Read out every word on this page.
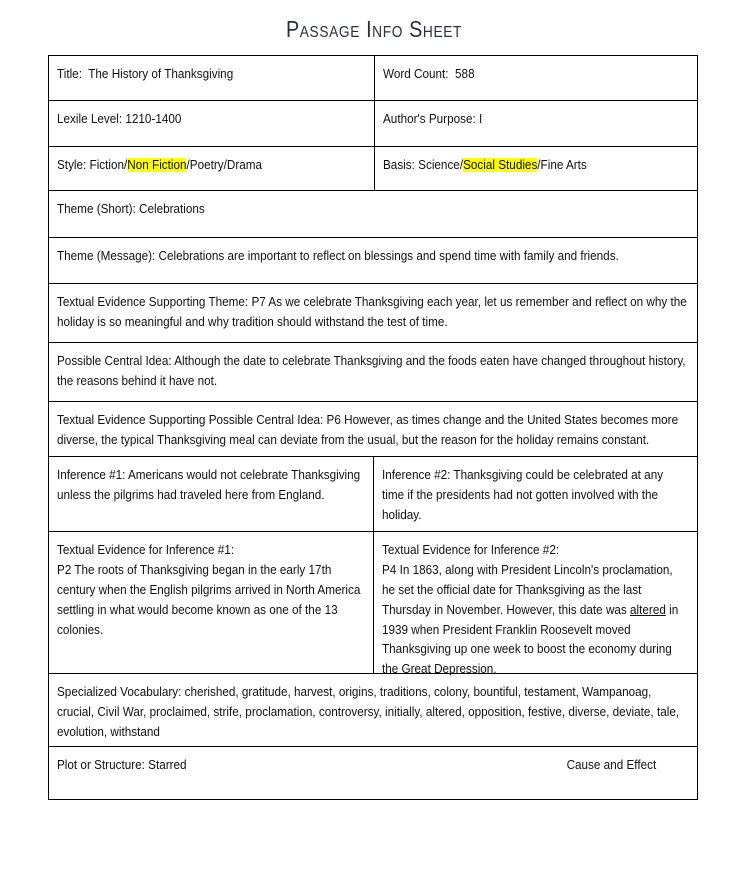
Passage Info Sheet
Title: The History of Thanksgiving	Word Count: 588
Lexile Level: 1210-1400	Author's Purpose: I
Style: Fiction/Non Fiction/Poetry/Drama	Basis: Science/Social Studies/Fine Arts
Theme (Short): Celebrations
Theme (Message): Celebrations are important to reflect on blessings and spend time with family and friends.
Textual Evidence Supporting Theme: P7 As we celebrate Thanksgiving each year, let us remember and reflect on why the holiday is so meaningful and why tradition should withstand the test of time.
Possible Central Idea: Although the date to celebrate Thanksgiving and the foods eaten have changed throughout history, the reasons behind it have not.
Textual Evidence Supporting Possible Central Idea: P6 However, as times change and the United States becomes more diverse, the typical Thanksgiving meal can deviate from the usual, but the reason for the holiday remains constant.
Inference #1: Americans would not celebrate Thanksgiving unless the pilgrims had traveled here from England.
Inference #2: Thanksgiving could be celebrated at any time if the presidents had not gotten involved with the holiday.
Textual Evidence for Inference #1:
P2 The roots of Thanksgiving began in the early 17th century when the English pilgrims arrived in North America settling in what would become known as one of the 13 colonies.
Textual Evidence for Inference #2:
P4 In 1863, along with President Lincoln's proclamation, he set the official date for Thanksgiving as the last Thursday in November. However, this date was altered in 1939 when President Franklin Roosevelt moved Thanksgiving up one week to boost the economy during the Great Depression.
Specialized Vocabulary: cherished, gratitude, harvest, origins, traditions, colony, bountiful, testament, Wampanoag, crucial, Civil War, proclaimed, strife, proclamation, controversy, initially, altered, opposition, festive, diverse, deviate, tale, evolution, withstand
Plot or Structure: Starred	Cause and Effect
